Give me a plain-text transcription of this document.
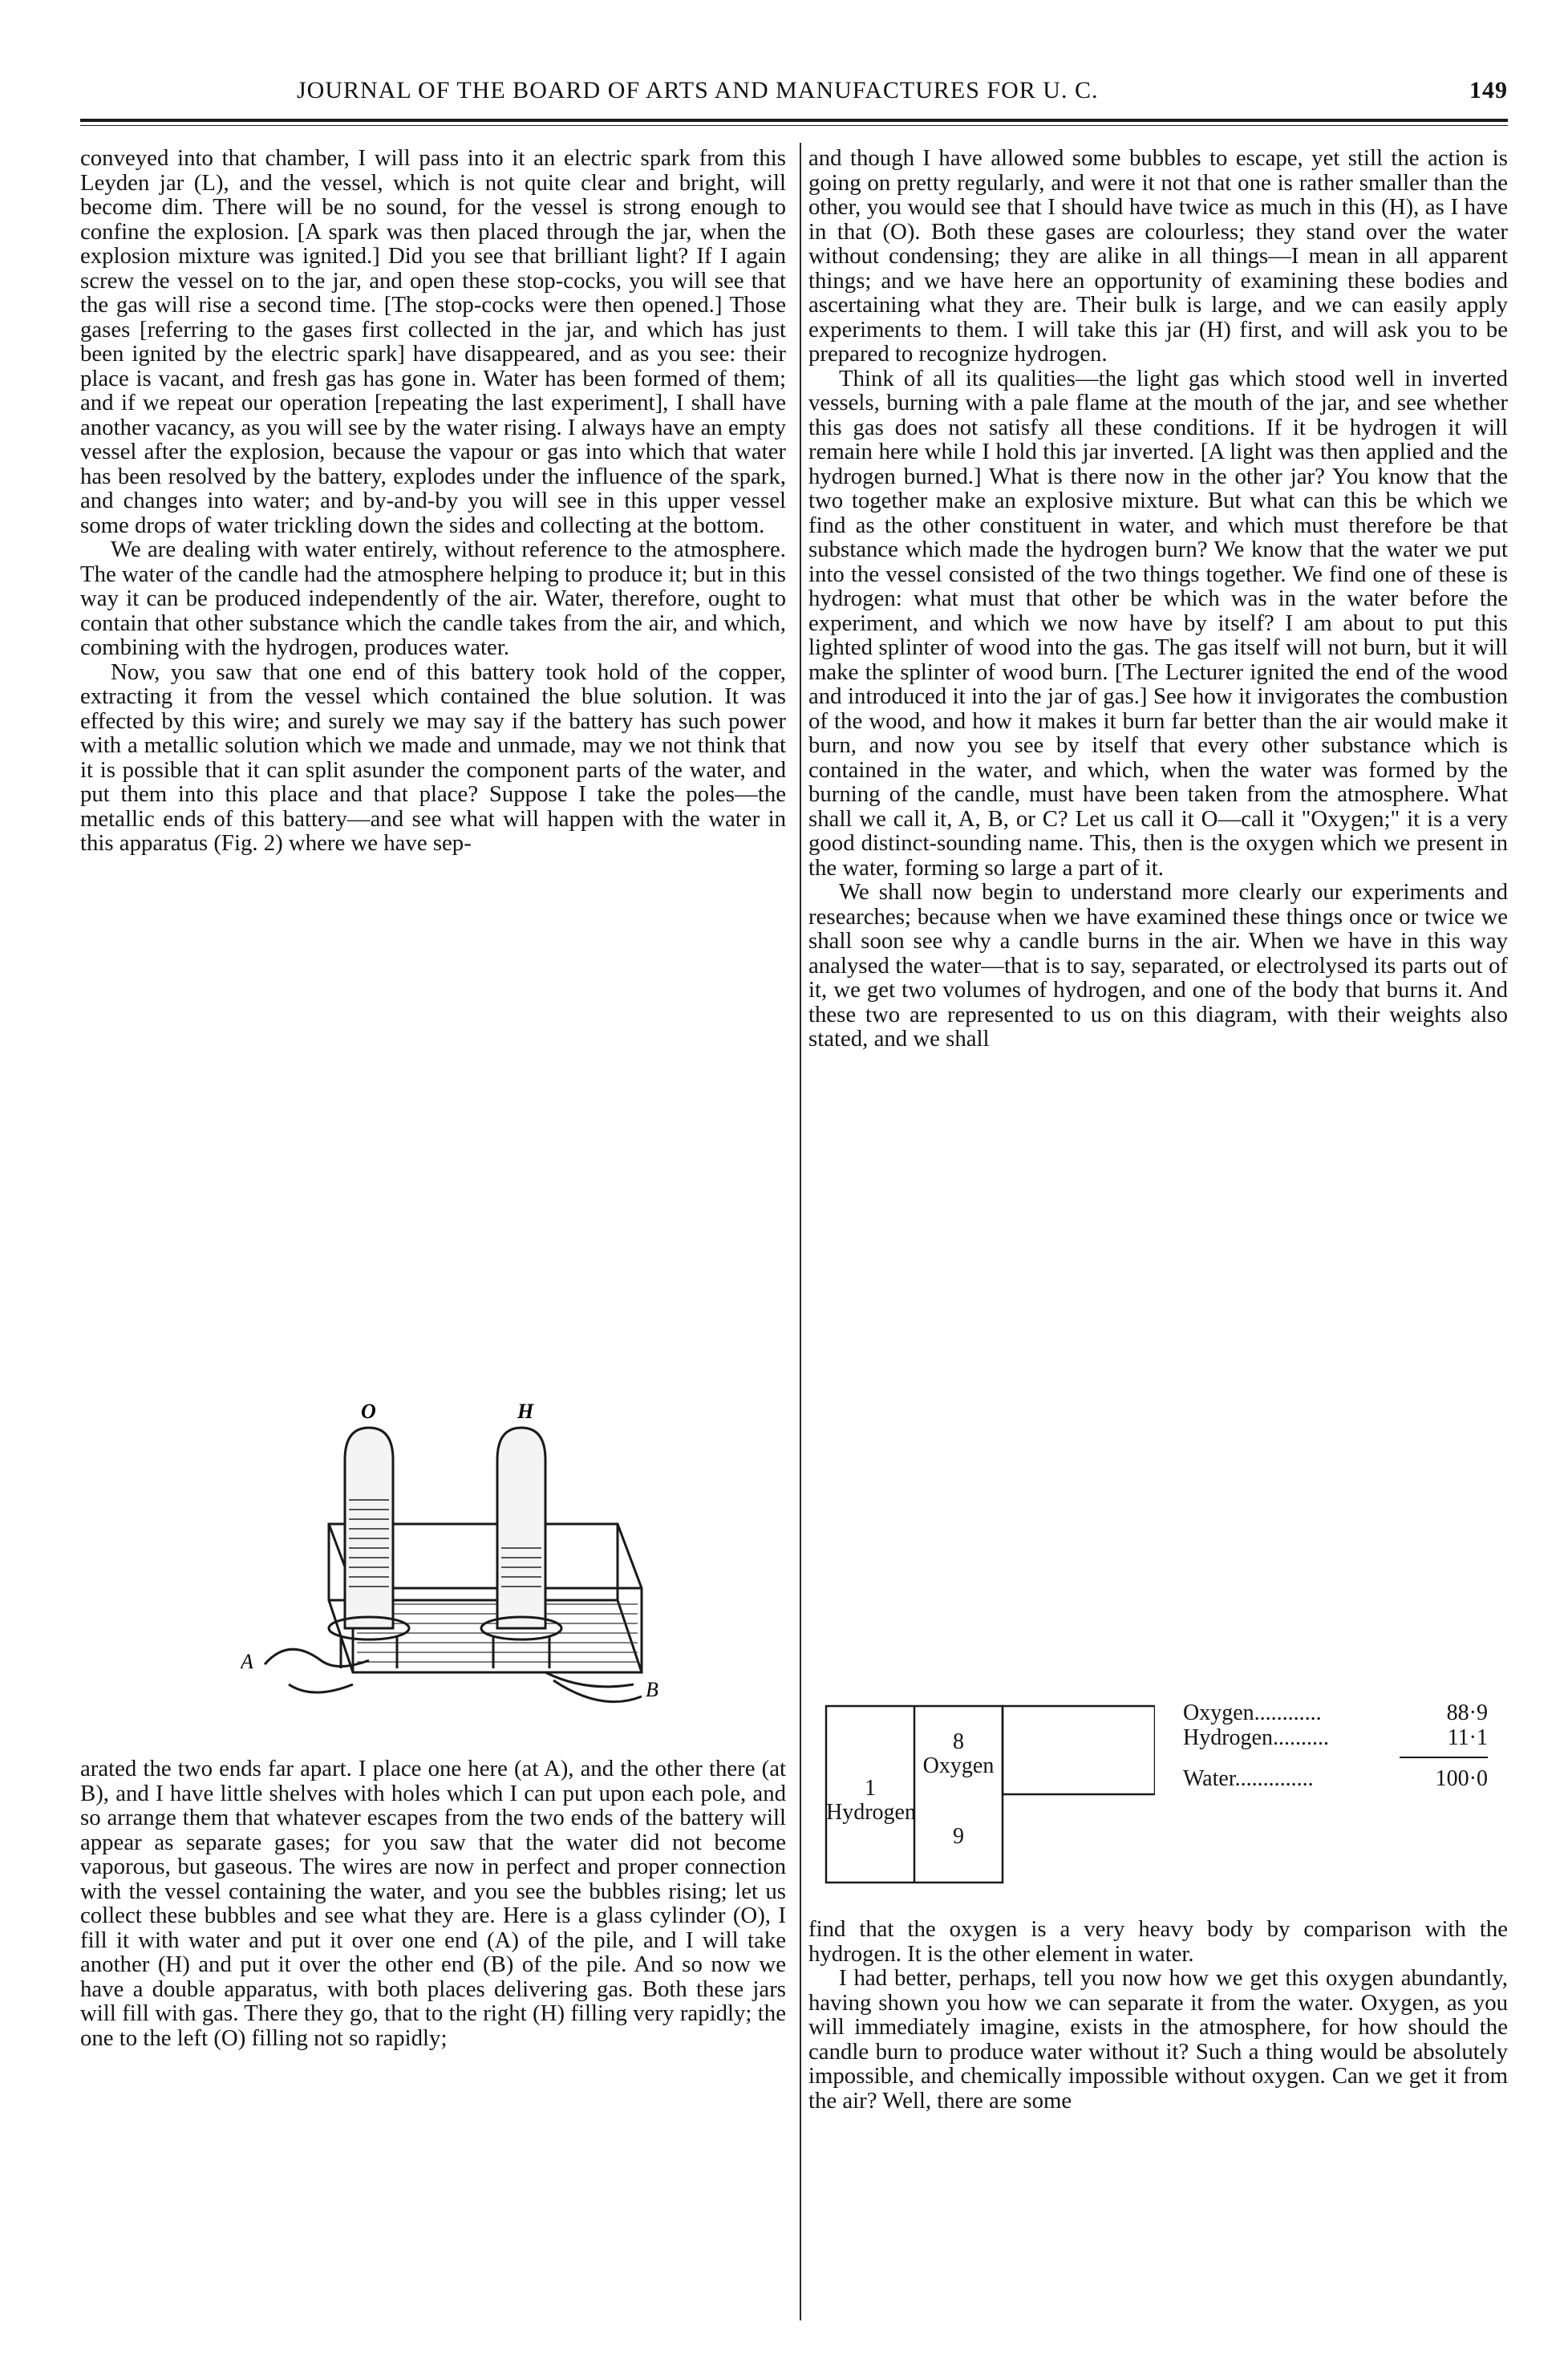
JOURNAL OF THE BOARD OF ARTS AND MANUFACTURES FOR U. C.	149

conveyed into that chamber, I will pass into it an electric spark from this Leyden jar (L), and the vessel, which is not quite clear and bright, will become dim. There will be no sound, for the vessel is strong enough to confine the explosion. [A spark was then placed through the jar, when the explosion mixture was ignited.] Did you see that brilliant light? If I again screw the vessel on to the jar, and open these stop-cocks, you will see that the gas will rise a second time. [The stop-cocks were then opened.] Those gases [referring to the gases first collected in the jar, and which has just been ignited by the electric spark] have disappeared, and as you see: their place is vacant, and fresh gas has gone in. Water has been formed of them; and if we repeat our operation [repeating the last experiment], I shall have another vacancy, as you will see by the water rising. I always have an empty vessel after the explosion, because the vapour or gas into which that water has been resolved by the battery, explodes under the influence of the spark, and changes into water; and by-and-by you will see in this upper vessel some drops of water trickling down the sides and collecting at the bottom.

We are dealing with water entirely, without reference to the atmosphere. The water of the candle had the atmosphere helping to produce it; but in this way it can be produced independently of the air. Water, therefore, ought to contain that other substance which the candle takes from the air, and which, combining with the hydrogen, produces water.

Now, you saw that one end of this battery took hold of the copper, extracting it from the vessel which contained the blue solution. It was effected by this wire; and surely we may say if the battery has such power with a metallic solution which we made and unmade, may we not think that it is possible that it can split asunder the component parts of the water, and put them into this place and that place? Suppose I take the poles—the metallic ends of this battery—and see what will happen with the water in this apparatus (Fig. 2) where we have sep-

O	H
A
B

arated the two ends far apart. I place one here (at A), and the other there (at B), and I have little shelves with holes which I can put upon each pole, and so arrange them that whatever escapes from the two ends of the battery will appear as separate gases; for you saw that the water did not become vaporous, but gaseous. The wires are now in perfect and proper connection with the vessel containing the water, and you see the bubbles rising; let us collect these bubbles and see what they are. Here is a glass cylinder (O), I fill it with water and put it over one end (A) of the pile, and I will take another (H) and put it over the other end (B) of the pile. And so now we have a double apparatus, with both places delivering gas. Both these jars will fill with gas. There they go, that to the right (H) filling very rapidly; the one to the left (O) filling not so rapidly;

and though I have allowed some bubbles to escape, yet still the action is going on pretty regularly, and were it not that one is rather smaller than the other, you would see that I should have twice as much in this (H), as I have in that (O). Both these gases are colourless; they stand over the water without condensing; they are alike in all things—I mean in all apparent things; and we have here an opportunity of examining these bodies and ascertaining what they are. Their bulk is large, and we can easily apply experiments to them. I will take this jar (H) first, and will ask you to be prepared to recognize hydrogen.

Think of all its qualities—the light gas which stood well in inverted vessels, burning with a pale flame at the mouth of the jar, and see whether this gas does not satisfy all these conditions. If it be hydrogen it will remain here while I hold this jar inverted. [A light was then applied and the hydrogen burned.] What is there now in the other jar? You know that the two together make an explosive mixture. But what can this be which we find as the other constituent in water, and which must therefore be that substance which made the hydrogen burn? We know that the water we put into the vessel consisted of the two things together. We find one of these is hydrogen: what must that other be which was in the water before the experiment, and which we now have by itself? I am about to put this lighted splinter of wood into the gas. The gas itself will not burn, but it will make the splinter of wood burn. [The Lecturer ignited the end of the wood and introduced it into the jar of gas.] See how it invigorates the combustion of the wood, and how it makes it burn far better than the air would make it burn, and now you see by itself that every other substance which is contained in the water, and which, when the water was formed by the burning of the candle, must have been taken from the atmosphere. What shall we call it, A, B, or C? Let us call it O—call it "Oxygen;" it is a very good distinct-sounding name. This, then is the oxygen which we present in the water, forming so large a part of it.

We shall now begin to understand more clearly our experiments and researches; because when we have examined these things once or twice we shall soon see why a candle burns in the air. When we have in this way analysed the water—that is to say, separated, or electrolysed its parts out of it, we get two volumes of hydrogen, and one of the body that burns it. And these two are represented to us on this diagram, with their weights also stated, and we shall

1
Hydrogen
8
Oxygen
9
Oxygen............	88·9
Hydrogen..........	11·1
Water..............	100·0

find that the oxygen is a very heavy body by comparison with the hydrogen. It is the other element in water.

I had better, perhaps, tell you now how we get this oxygen abundantly, having shown you how we can separate it from the water. Oxygen, as you will immediately imagine, exists in the atmosphere, for how should the candle burn to produce water without it? Such a thing would be absolutely impossible, and chemically impossible without oxygen. Can we get it from the air? Well, there are some
